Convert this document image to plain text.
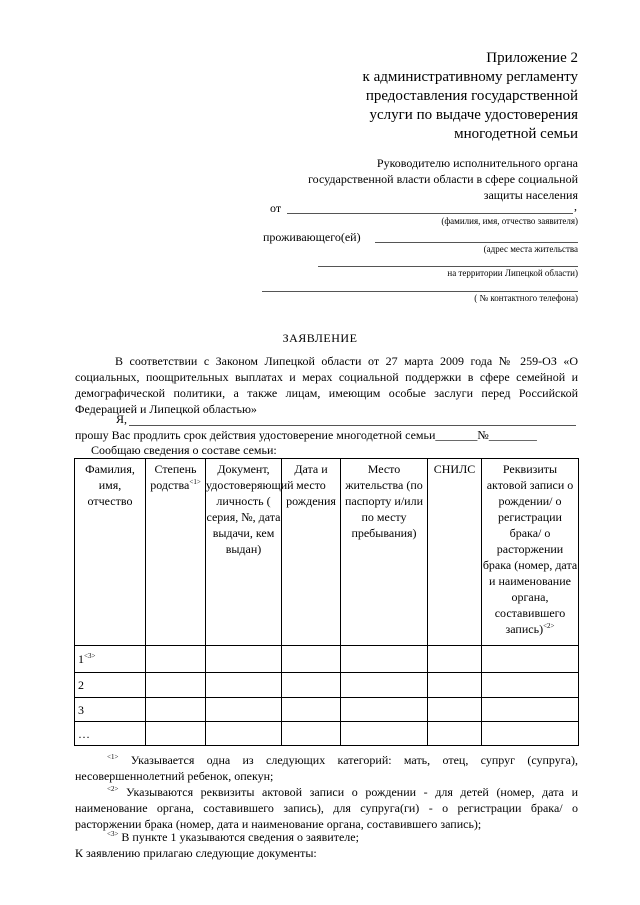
Приложение 2
к административному регламенту
предоставления государственной
услуги по выдаче удостоверения
многодетной семьи
Руководителю исполнительного органа
государственной власти области в сфере социальной
защиты населения
от	,
(фамилия, имя, отчество заявителя)
проживающего(ей)
(адрес места жительства
на территории Липецкой области)
( № контактного телефона)
ЗАЯВЛЕНИЕ
В соответствии с Законом Липецкой области от 27 марта 2009 года № 259-ОЗ «О социальных, поощрительных выплатах и мерах социальной поддержки в сфере семейной и демографической политики, а также лицам, имеющим особые заслуги перед Российской Федерацией и Липецкой областью»
Я,
прошу Вас продлить срок действия удостоверение многодетной семьи_______№________
Сообщаю сведения о составе семьи:
Фамилия, имя, отчество	Степень родства$^{<1>}$	Документ, удостоверяющий личность ( серия, №, дата выдачи, кем выдан)	Дата и место рождения	Место жительства (по паспорту и/или по месту пребывания)	СНИЛС	Реквизиты актовой записи о рождении/ о регистрации брака/ о расторжении брака (номер, дата и наименование органа, составившего запись)$^{<2>}$
$1^{<3>}$						
2						
3						
…						
$^{<1>}$ Указывается одна из следующих категорий: мать, отец, супруг (супруга), несовершеннолетний ребенок, опекун;
$^{<2>}$ Указываются реквизиты актовой записи о рождении - для детей (номер, дата и наименование органа, составившего запись), для супруга(ги) - о регистрации брака/ о расторжении брака (номер, дата и наименование органа, составившего запись);
$^{<3>}$ В пункте 1 указываются сведения о заявителе;
К заявлению прилагаю следующие документы:
